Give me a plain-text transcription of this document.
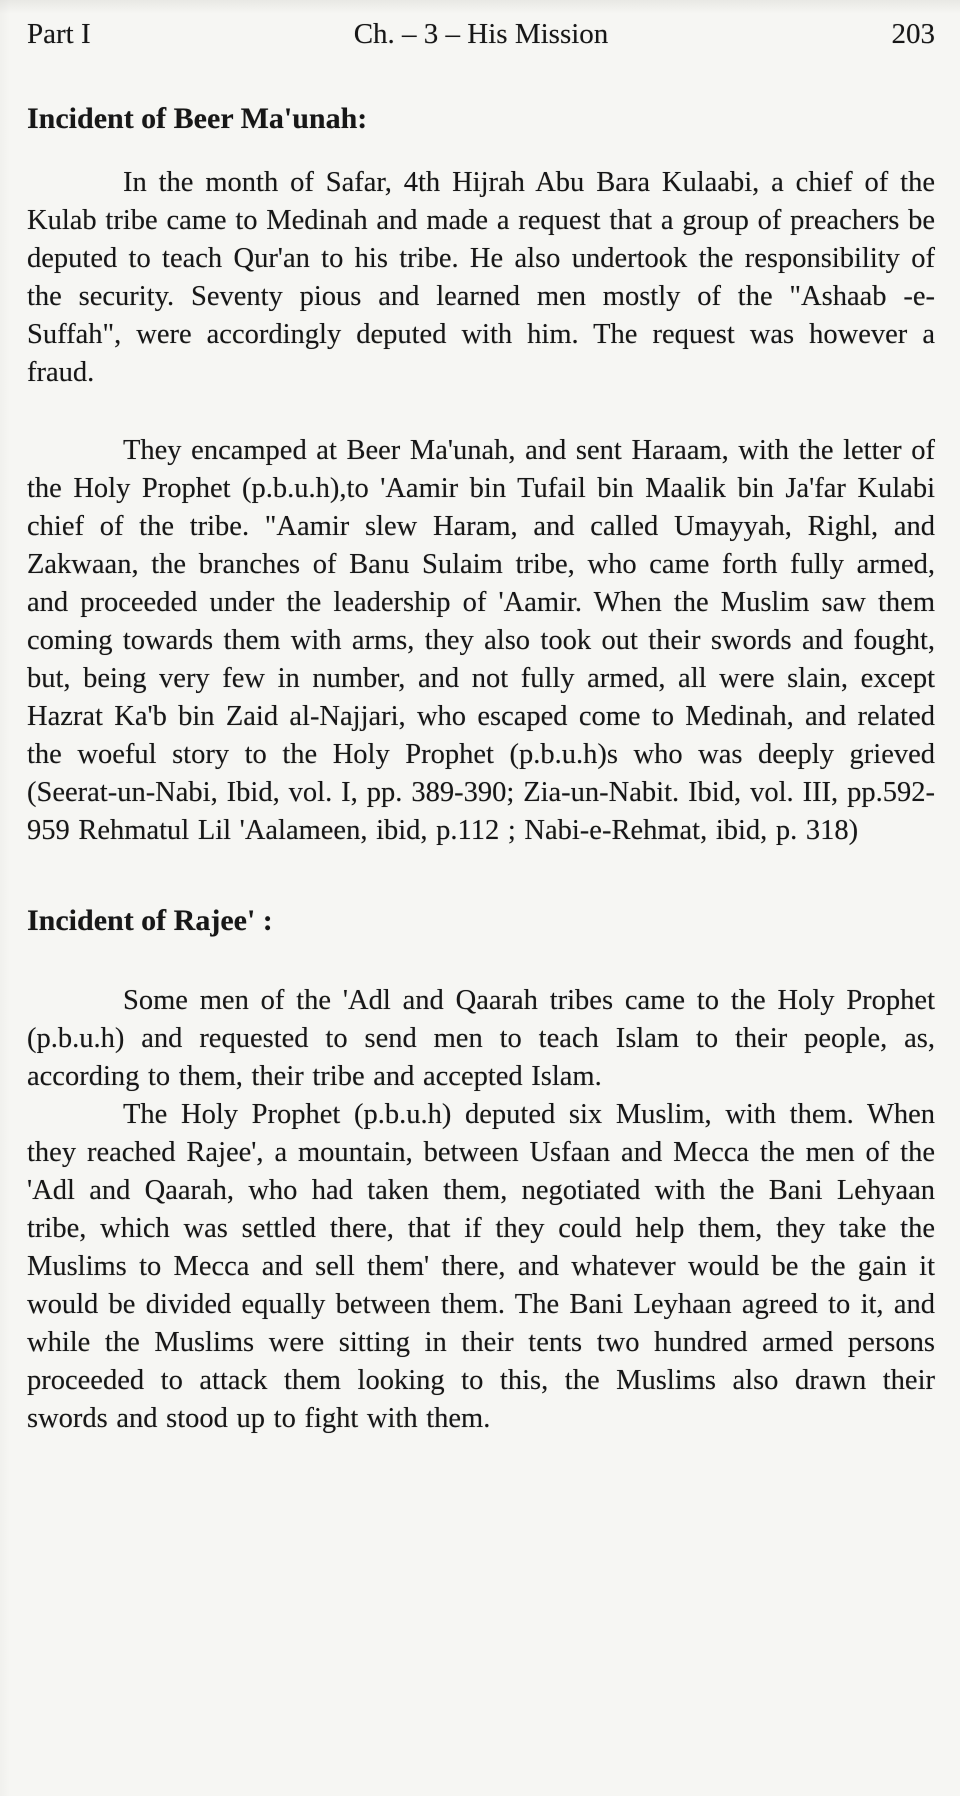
Part I	Ch. – 3 – His Mission	203
Incident of Beer Ma'unah:

In the month of Safar, 4th Hijrah Abu Bara Kulaabi, a chief of the Kulab tribe came to Medinah and made a request that a group of preachers be deputed to teach Qur'an to his tribe. He also undertook the responsibility of the security. Seventy pious and learned men mostly of the "Ashaab -e-Suffah", were accordingly deputed with him. The request was however a fraud.

They encamped at Beer Ma'unah, and sent Haraam, with the letter of the Holy Prophet (p.b.u.h),to 'Aamir bin Tufail bin Maalik bin Ja'far Kulabi chief of the tribe. "Aamir slew Haram, and called Umayyah, Righl, and Zakwaan, the branches of Banu Sulaim tribe, who came forth fully armed, and proceeded under the leadership of 'Aamir. When the Muslim saw them coming towards them with arms, they also took out their swords and fought, but, being very few in number, and not fully armed, all were slain, except Hazrat Ka'b bin Zaid al-Najjari, who escaped come to Medinah, and related the woeful story to the Holy Prophet (p.b.u.h)s who was deeply grieved (Seerat-un-Nabi, Ibid, vol. I, pp. 389-390; Zia-un-Nabit. Ibid, vol. III, pp.592-959 Rehmatul Lil 'Aalameen, ibid, p.112 ; Nabi-e-Rehmat, ibid, p. 318)

Incident of Rajee' :

Some men of the 'Adl and Qaarah tribes came to the Holy Prophet (p.b.u.h) and requested to send men to teach Islam to their people, as, according to them, their tribe and accepted Islam.

The Holy Prophet (p.b.u.h) deputed six Muslim, with them. When they reached Rajee', a mountain, between Usfaan and Mecca the men of the 'Adl and Qaarah, who had taken them, negotiated with the Bani Lehyaan tribe, which was settled there, that if they could help them, they take the Muslims to Mecca and sell them' there, and whatever would be the gain it would be divided equally between them. The Bani Leyhaan agreed to it, and while the Muslims were sitting in their tents two hundred armed persons proceeded to attack them looking to this, the Muslims also drawn their swords and stood up to fight with them.
